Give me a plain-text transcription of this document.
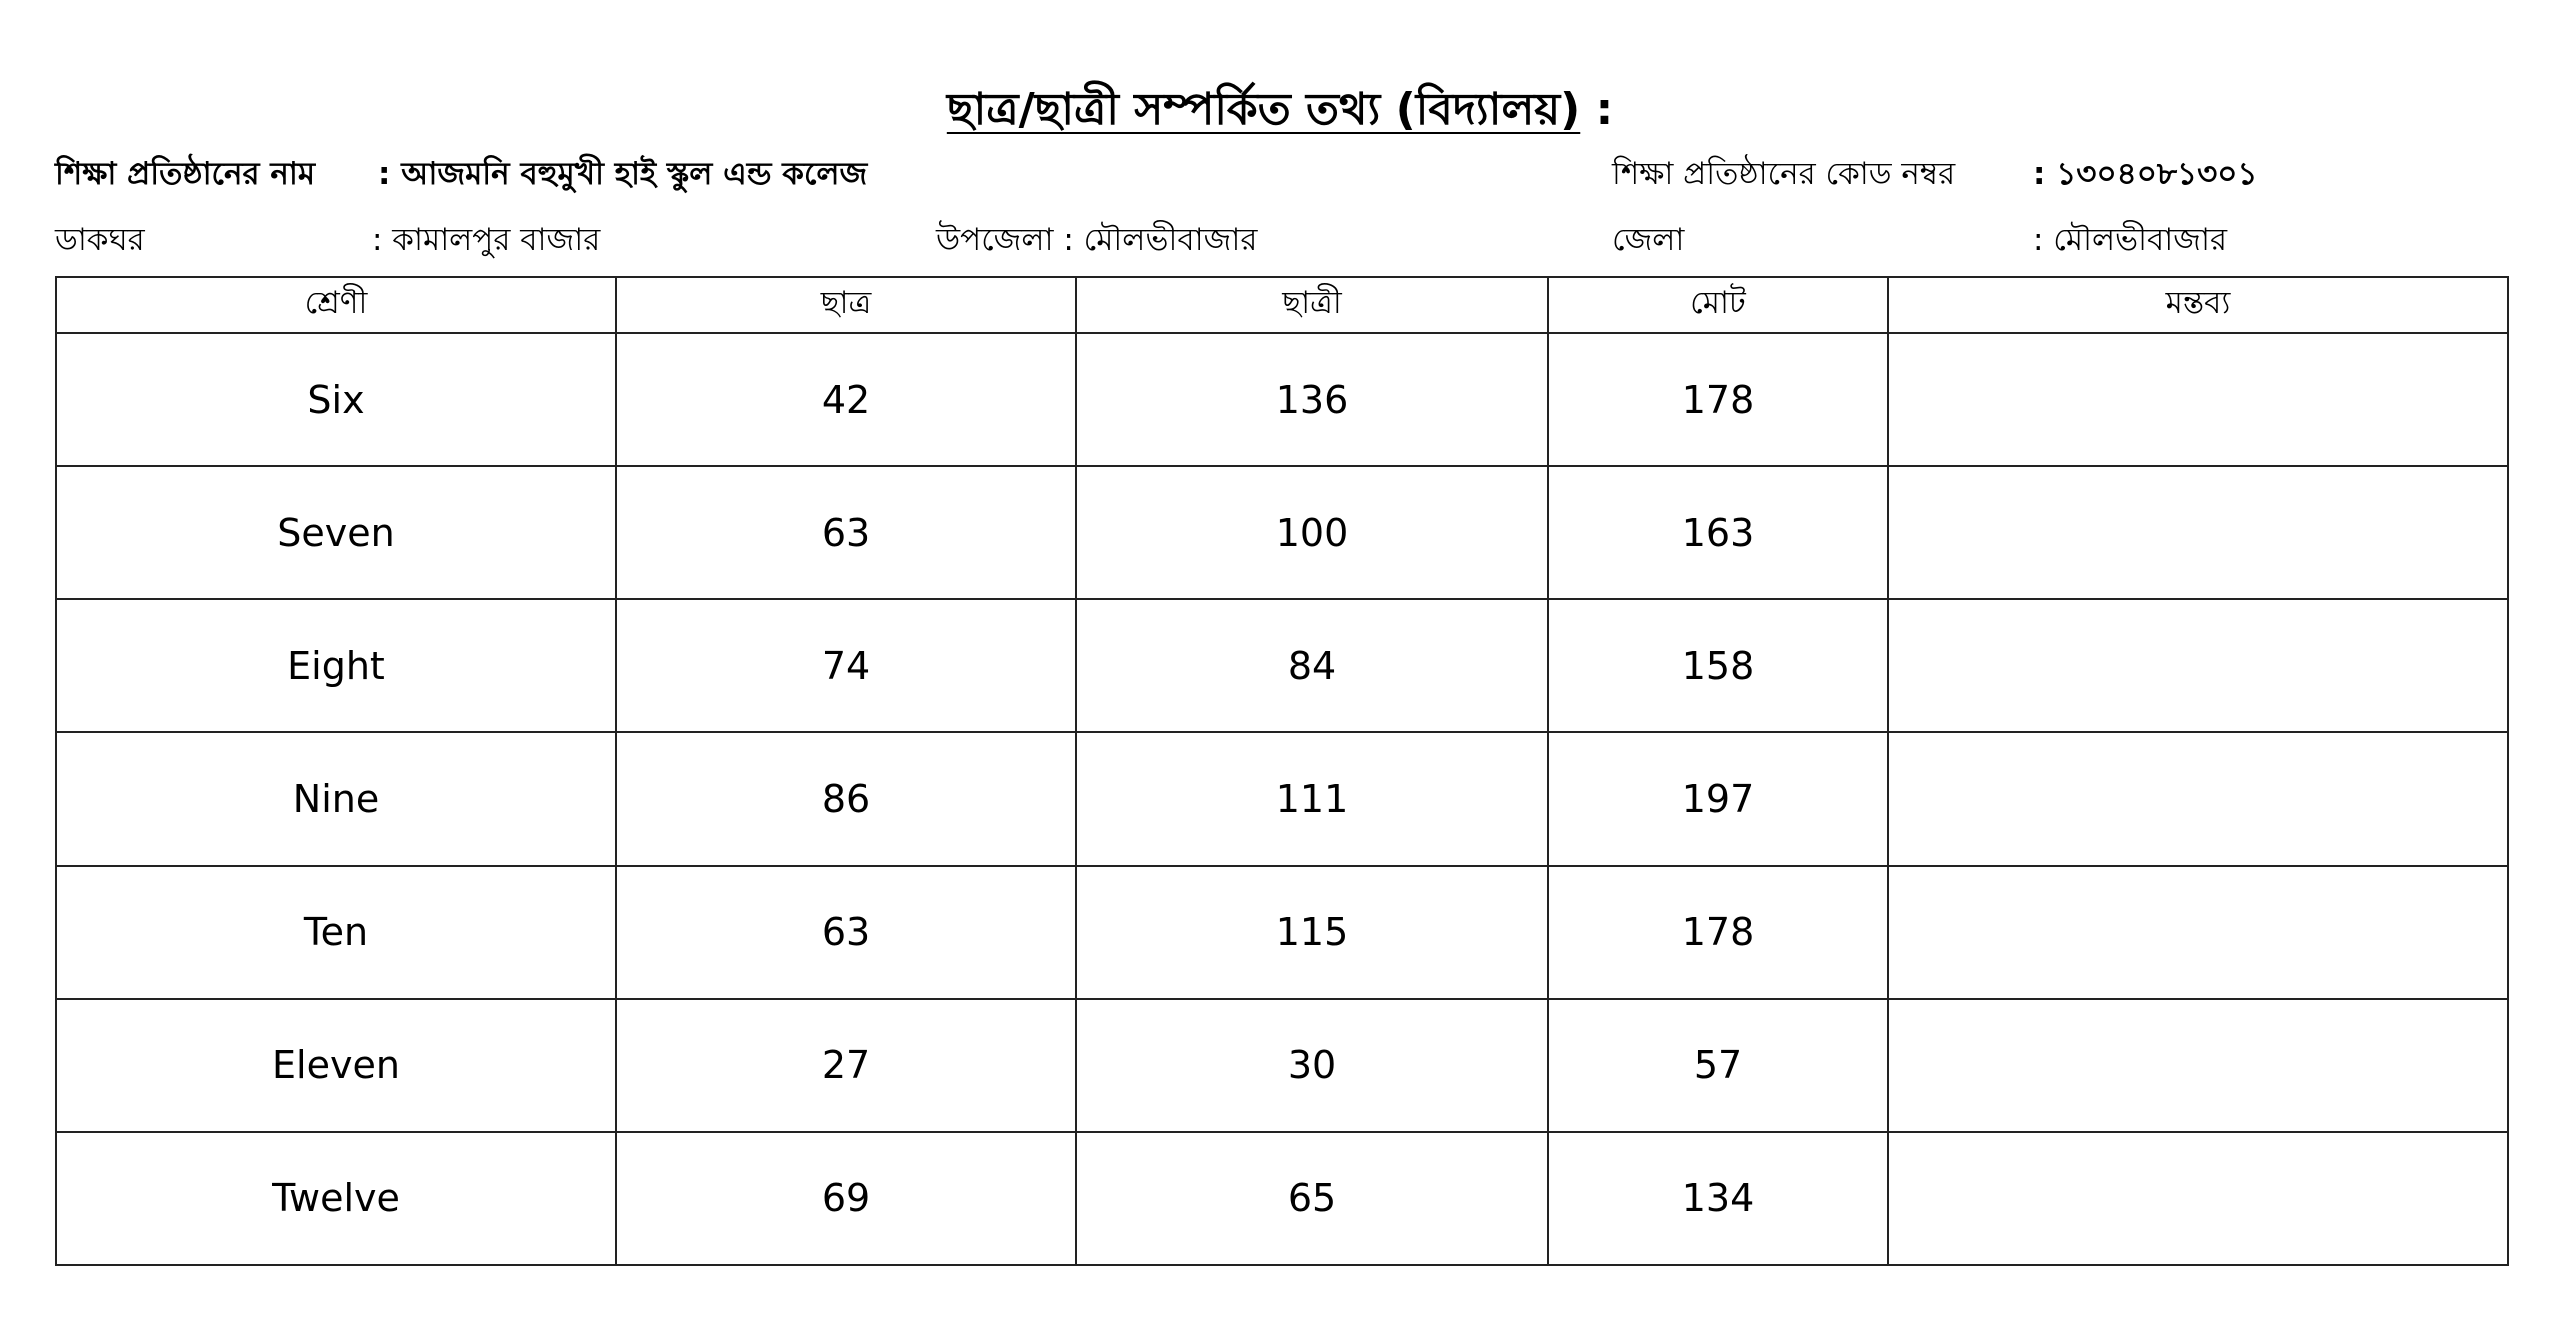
ছাত্র/ছাত্রী সম্পর্কিত তথ্য (বিদ্যালয়) :
শিক্ষা প্রতিষ্ঠানের নাম : আজমনি বহুমুখী হাই স্কুল এন্ড কলেজ	শিক্ষা প্রতিষ্ঠানের কোড নম্বর	: ১৩০৪০৮১৩০১
ডাকঘর	: কামালপুর বাজার	উপজেলা : মৌলভীবাজার	জেলা	: মৌলভীবাজার
শ্রেণী	ছাত্র	ছাত্রী	মোট	মন্তব্য
Six	42	136	178	
Seven	63	100	163	
Eight	74	84	158	
Nine	86	111	197	
Ten	63	115	178	
Eleven	27	30	57	
Twelve	69	65	134	
